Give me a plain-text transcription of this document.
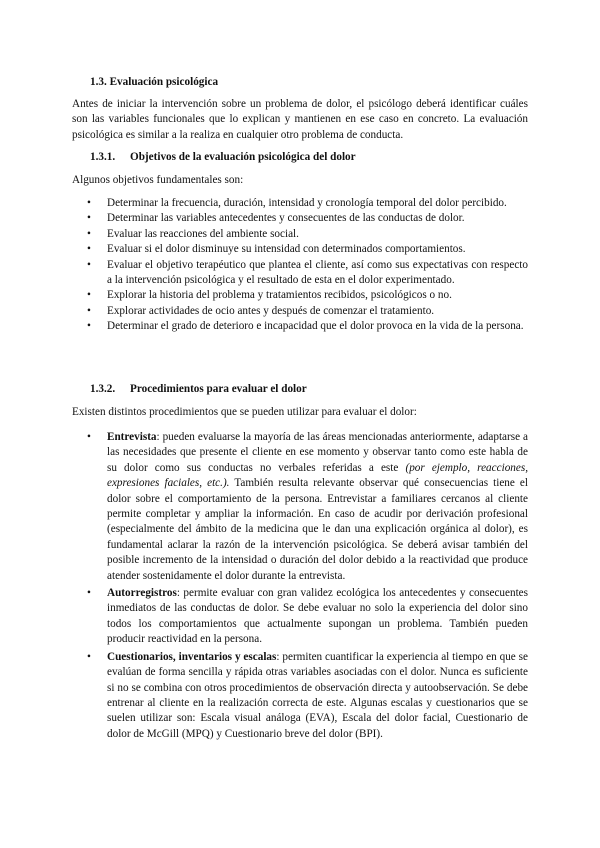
1.3. Evaluación psicológica
Antes de iniciar la intervención sobre un problema de dolor, el psicólogo deberá identificar cuáles son las variables funcionales que lo explican y mantienen en ese caso en concreto. La evaluación psicológica es similar a la realiza en cualquier otro problema de conducta.
1.3.1. Objetivos de la evaluación psicológica del dolor
Algunos objetivos fundamentales son:
• Determinar la frecuencia, duración, intensidad y cronología temporal del dolor percibido.
• Determinar las variables antecedentes y consecuentes de las conductas de dolor.
• Evaluar las reacciones del ambiente social.
• Evaluar si el dolor disminuye su intensidad con determinados comportamientos.
• Evaluar el objetivo terapéutico que plantea el cliente, así como sus expectativas con respecto a la intervención psicológica y el resultado de esta en el dolor experimentado.
• Explorar la historia del problema y tratamientos recibidos, psicológicos o no.
• Explorar actividades de ocio antes y después de comenzar el tratamiento.
• Determinar el grado de deterioro e incapacidad que el dolor provoca en la vida de la persona.
1.3.2. Procedimientos para evaluar el dolor
Existen distintos procedimientos que se pueden utilizar para evaluar el dolor:
• Entrevista: pueden evaluarse la mayoría de las áreas mencionadas anteriormente, adaptarse a las necesidades que presente el cliente en ese momento y observar tanto como este habla de su dolor como sus conductas no verbales referidas a este (por ejemplo, reacciones, expresiones faciales, etc.). También resulta relevante observar qué consecuencias tiene el dolor sobre el comportamiento de la persona. Entrevistar a familiares cercanos al cliente permite completar y ampliar la información. En caso de acudir por derivación profesional (especialmente del ámbito de la medicina que le dan una explicación orgánica al dolor), es fundamental aclarar la razón de la intervención psicológica. Se deberá avisar también del posible incremento de la intensidad o duración del dolor debido a la reactividad que produce atender sostenidamente el dolor durante la entrevista.
• Autorregistros: permite evaluar con gran validez ecológica los antecedentes y consecuentes inmediatos de las conductas de dolor. Se debe evaluar no solo la experiencia del dolor sino todos los comportamientos que actualmente supongan un problema. También pueden producir reactividad en la persona.
• Cuestionarios, inventarios y escalas: permiten cuantificar la experiencia al tiempo en que se evalúan de forma sencilla y rápida otras variables asociadas con el dolor. Nunca es suficiente si no se combina con otros procedimientos de observación directa y autoobservación. Se debe entrenar al cliente en la realización correcta de este. Algunas escalas y cuestionarios que se suelen utilizar son: Escala visual análoga (EVA), Escala del dolor facial, Cuestionario de dolor de McGill (MPQ) y Cuestionario breve del dolor (BPI).
